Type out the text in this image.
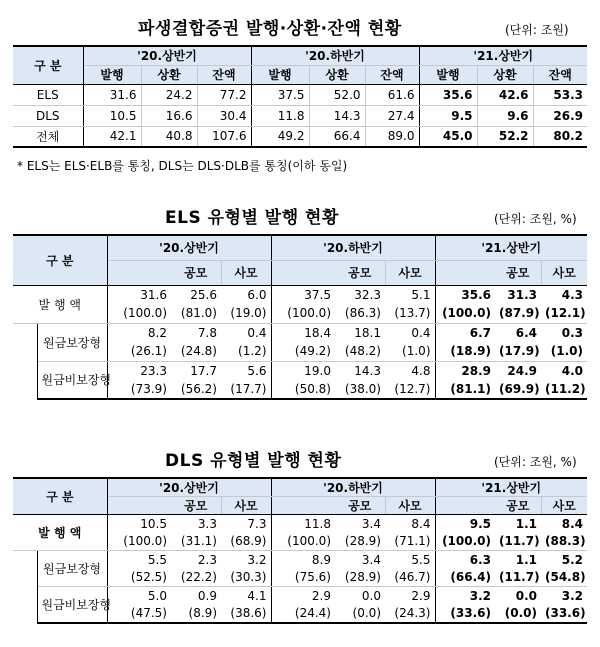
파생결합증권 발행·상환·잔액 현황	(단위: 조원)
구 분	'20.상반기			'20.하반기			'21.상반기		
	발행	상환	잔액	발행	상환	잔액	발행	상환	잔액
ELS	31.6	24.2	77.2	37.5	52.0	61.6	35.6	42.6	53.3
DLS	10.5	16.6	30.4	11.8	14.3	27.4	9.5	9.6	26.9
전체	42.1	40.8	107.6	49.2	66.4	89.0	45.0	52.2	80.2
* ELS는 ELS·ELB를 통칭, DLS는 DLS·DLB를 통칭(이하 동일)
ELS 유형별 발행 현황	(단위: 조원, %)
구 분		'20.상반기			'20.하반기			'21.상반기		
			공모	사모		공모	사모		공모	사모
발 행 액		31.6	25.6	6.0	37.5	32.3	5.1	35.6	31.3	4.3
		(100.0)	(81.0)	(19.0)	(100.0)	(86.3)	(13.7)	(100.0)	(87.9)	(12.1)
	원금보장형	8.2	7.8	0.4	18.4	18.1	0.4	6.7	6.4	0.3
		(26.1)	(24.8)	(1.2)	(49.2)	(48.2)	(1.0)	(18.9)	(17.9)	(1.0)
	원금비보장형	23.3	17.7	5.6	19.0	14.3	4.8	28.9	24.9	4.0
		(73.9)	(56.2)	(17.7)	(50.8)	(38.0)	(12.7)	(81.1)	(69.9)	(11.2)
DLS 유형별 발행 현황	(단위: 조원, %)
구 분		'20.상반기			'20.하반기			'21.상반기		
			공모	사모		공모	사모		공모	사모
발 행 액		10.5	3.3	7.3	11.8	3.4	8.4	9.5	1.1	8.4
		(100.0)	(31.1)	(68.9)	(100.0)	(28.9)	(71.1)	(100.0)	(11.7)	(88.3)
	원금보장형	5.5	2.3	3.2	8.9	3.4	5.5	6.3	1.1	5.2
		(52.5)	(22.2)	(30.3)	(75.6)	(28.9)	(46.7)	(66.4)	(11.7)	(54.8)
	원금비보장형	5.0	0.9	4.1	2.9	0.0	2.9	3.2	0.0	3.2
		(47.5)	(8.9)	(38.6)	(24.4)	(0.0)	(24.3)	(33.6)	(0.0)	(33.6)
